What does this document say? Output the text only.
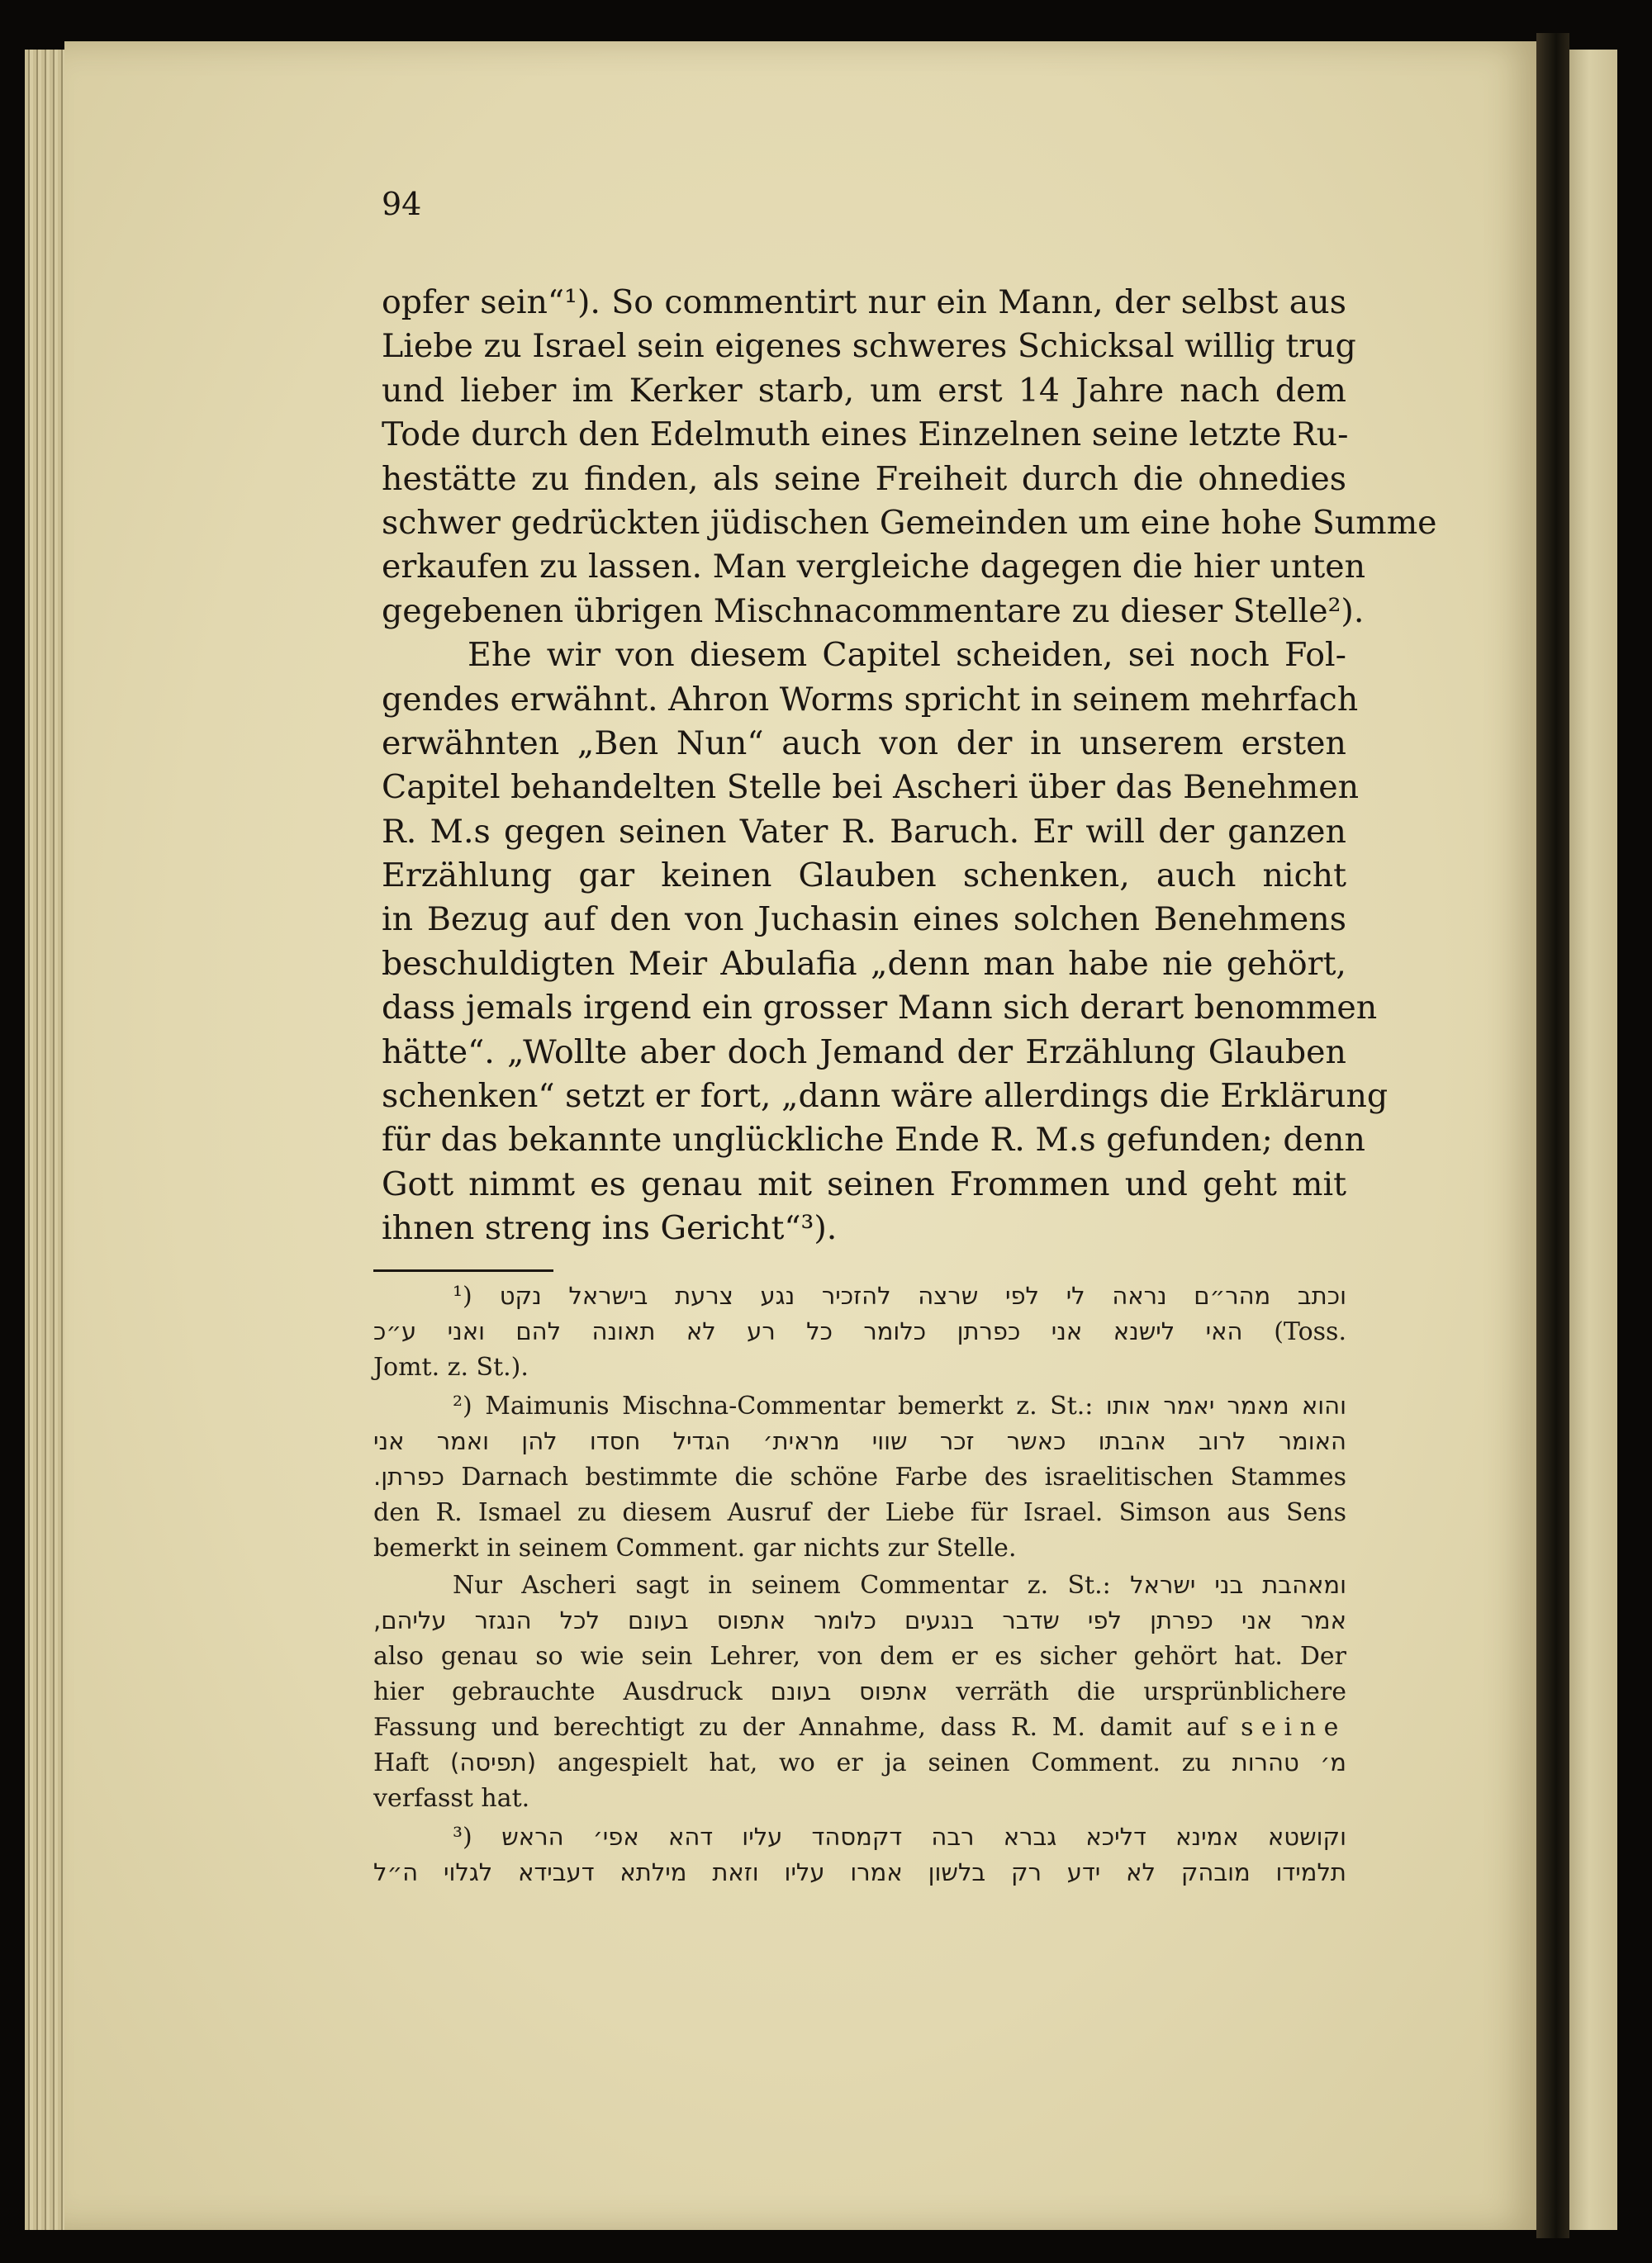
94
opfer sein“¹). So commentirt nur ein Mann, der selbst aus
Liebe zu Israel sein eigenes schweres Schicksal willig trug
und lieber im Kerker starb, um erst 14 Jahre nach dem
Tode durch den Edelmuth eines Einzelnen seine letzte Ru-
hestätte zu finden, als seine Freiheit durch die ohnedies
schwer gedrückten jüdischen Gemeinden um eine hohe Summe
erkaufen zu lassen. Man vergleiche dagegen die hier unten
gegebenen übrigen Mischnacommentare zu dieser Stelle²).
Ehe wir von diesem Capitel scheiden, sei noch Fol-
gendes erwähnt. Ahron Worms spricht in seinem mehrfach
erwähnten „Ben Nun“ auch von der in unserem ersten
Capitel behandelten Stelle bei Ascheri über das Benehmen
R. M.s gegen seinen Vater R. Baruch. Er will der ganzen
Erzählung gar keinen Glauben schenken, auch nicht
in Bezug auf den von Juchasin eines solchen Benehmens
beschuldigten Meir Abulafia „denn man habe nie gehört,
dass jemals irgend ein grosser Mann sich derart benommen
hätte“. „Wollte aber doch Jemand der Erzählung Glauben
schenken“ setzt er fort, „dann wäre allerdings die Erklärung
für das bekannte unglückliche Ende R. M.s gefunden; denn
Gott nimmt es genau mit seinen Frommen und geht mit
ihnen streng ins Gericht“³).
¹) וכתב מהר״ם נראה לי לפי שרצה להזכיר נגע צרעת בישראל נקט
האי לישנא אני כפרתן כלומר כל רע לא תאונה להם ואני ע״כ (Toss.
Jomt. z. St.).
²) Maimunis Mischna-Commentar bemerkt z. St.: והוא מאמר יאמר אותו
האומר לרוב אהבתו כאשר זכר שווי מראית׳ הגדיל חסדו להן ואמר אני
כפרתן. Darnach bestimmte die schöne Farbe des israelitischen Stammes
den R. Ismael zu diesem Ausruf der Liebe für Israel. Simson aus Sens
bemerkt in seinem Comment. gar nichts zur Stelle.
Nur Ascheri sagt in seinem Commentar z. St.: ומאהבת בני ישראל
אמר אני כפרתן לפי שדבר בנגעים כלומר אתפוס בעונם לכל הנגזר עליהם,
also genau so wie sein Lehrer, von dem er es sicher gehört hat. Der
hier gebrauchte Ausdruck אתפוס בעונם verräth die ursprünblichere
Fassung und berechtigt zu der Annahme, dass R. M. damit auf seine
Haft (תפיסה) angespielt hat, wo er ja seinen Comment. zu מ׳ טהרות
verfasst hat.
³) וקושטא אמינא דליכא גברא רבה דקמסהד עליו דהא אפי׳ הראש
תלמידו מובהק לא ידע רק בלשון אמרו עליו וזאת מילתא דעבידא לגלוי ה״ל
